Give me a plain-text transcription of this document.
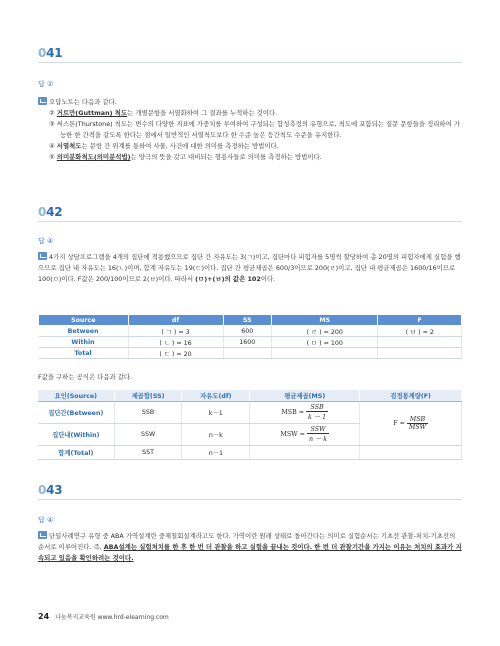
041
답 ①

오답노트는 다음과 같다.

② 거트만(Guttman) 척도는 개별문항을 서열화하여 그 결과를 누적하는 것이다.

③ 써스톤(Thurstone) 척도는 변수의 다양한 지표에 가중치를 부여하여 구성되는 합성측정의 유형으로, 척도에 포함되는 질문 문항들을 정리하여 가능한 한 간격을 같도록 한다는 점에서 일반적인 서열척도보다 한 수준 높은 등간척도 수준을 유지한다.

④ 서열척도는 문항 간 위계를 통하여 사물, 사건에 대한 의미를 측정하는 방법이다.

⑤ 의미분화척도(의미분석법)는 양극의 뜻을 갖고 대비되는 형용사들로 의미를 측정하는 방법이다.

042
답 ④

4가지 상담프로그램을 4개의 집단에 적용했으므로 집단 간 자유도는 3(ㄱ)이고, 집단마다 피험자를 5명씩 할당하여 총 20명의 피험자에게 실험을 했으므로 집단 내 자유도는 16(ㄴ)이며, 합계 자유도는 19(ㄷ)이다. 집단 간 평균제곱은 600/3이므로 200(ㄹ)이고, 집단 내 평균제곱은 1600/16이므로 100(ㅁ)이다. F값은 200/100이므로 2(ㅂ)이다. 따라서 (ㅁ)+(ㅂ)의 값은 102이다.

Source	df	SS	MS	F
Between	( ㄱ ) = 3	600	( ㄹ ) = 200	( ㅂ ) = 2
Within	( ㄴ ) = 16	1600	( ㅁ ) = 100	
Total	( ㄷ ) = 20			

F값을 구하는 공식은 다음과 같다.

요인(Source)	제곱합(SS)	자유도(df)	평균제곱(MS)	검정통계량(F)
집단간(Between)	SSB	k－1	MSB = $\frac{\text{SSB}}{k - 1}$	$F = \frac{\text{MSB}}{\text{MSW}}$

집단내(Within)	SSW	n－k	MSW = $\frac{\text{SSW}}{n - k}$

합계(Total)	SST	n－1		
043
답 ④

단일사례연구 유형 중 ABA 가역설계란 중재철회설계라고도 한다. 가역이란 원래 상태로 돌아간다는 의미로 실험순서는 기초선 관찰-처치-기초선의 순서로 이루어진다. 즉, ABA설계는 실험처치를 한 후 한 번 더 관찰을 하고 실험을 끝내는 것이다. 한 번 더 관찰기간을 가지는 이유는 처치의 효과가 지속되고 있음을 확인하려는 것이다.

24 나눔복지교육원 www.hrd-elearning.com
